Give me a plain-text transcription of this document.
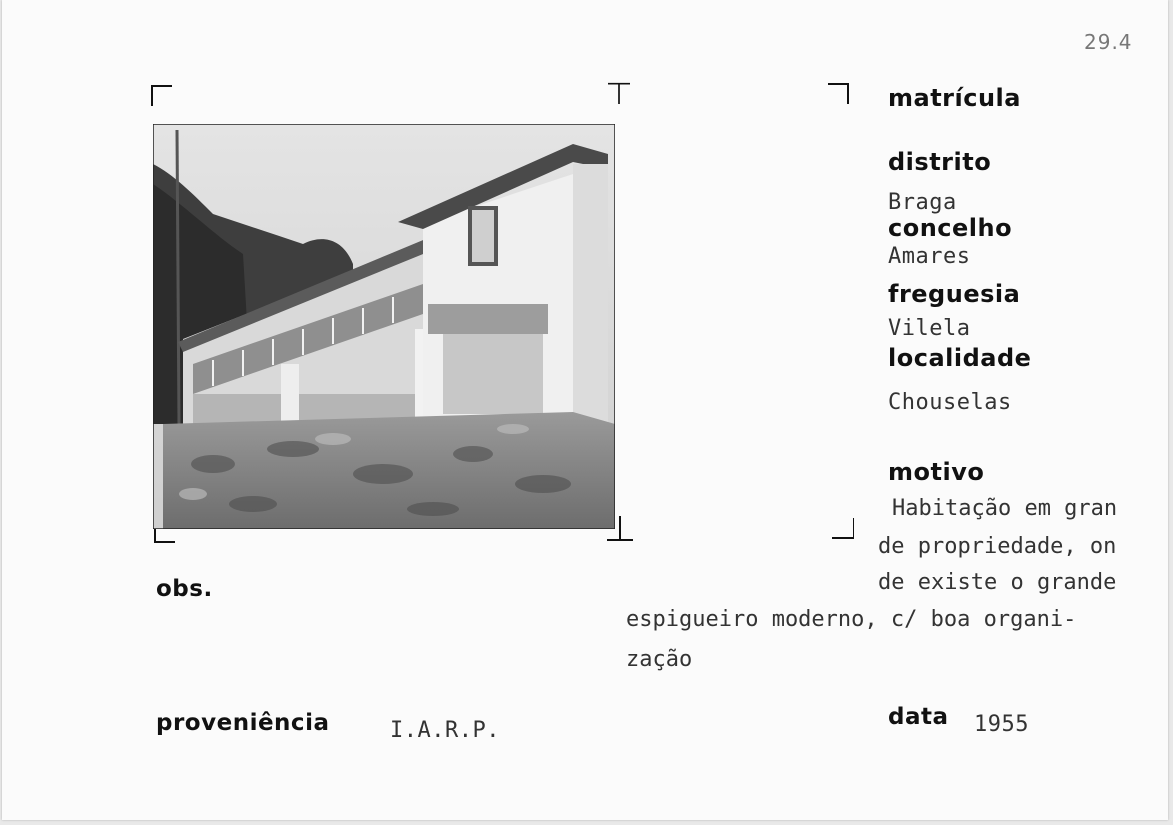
29.4
matrícula
distrito
Braga
concelho
Amares
freguesia
Vilela
localidade
Chouselas
motivo
Habitação em gran
de propriedade, on
de existe o grande
espigueiro moderno, c/ boa organi-
zação
obs.
proveniência	I.A.R.P.
data 1955
